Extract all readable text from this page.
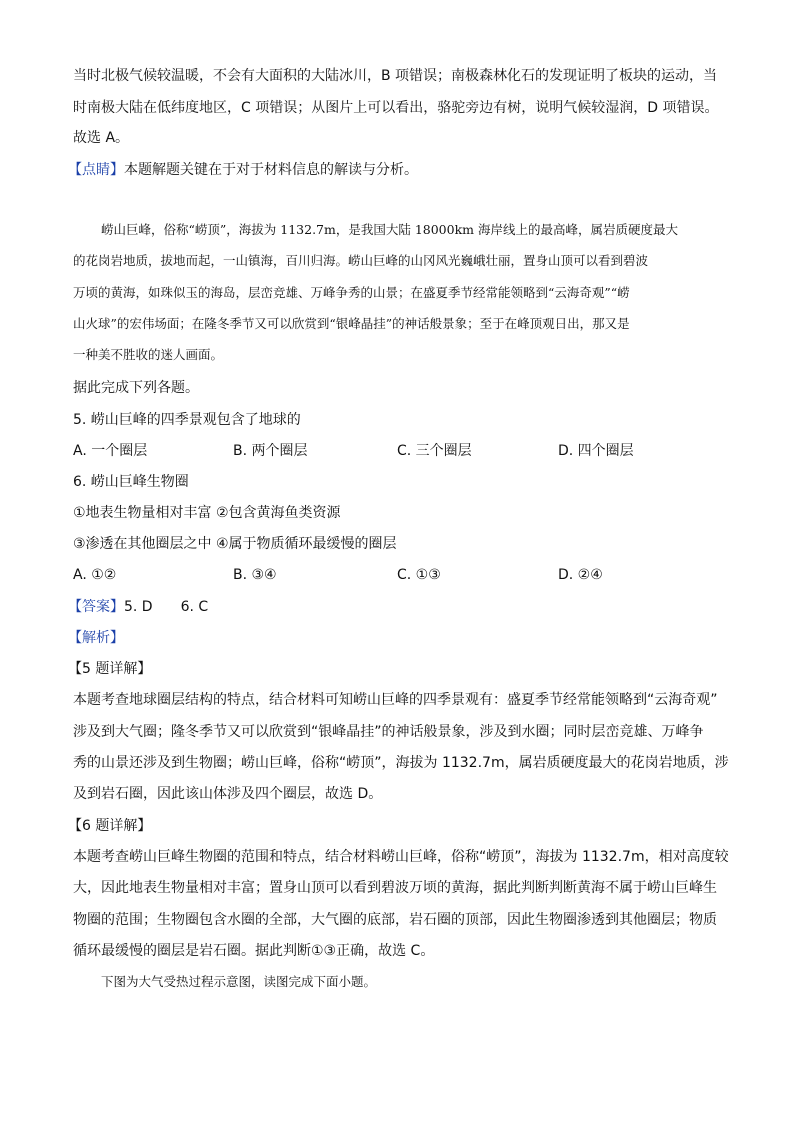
当时北极气候较温暖，不会有大面积的大陆冰川，B 项错误；南极森林化石的发现证明了板块的运动，当
时南极大陆在低纬度地区，C 项错误；从图片上可以看出，骆驼旁边有树，说明气候较湿润，D 项错误。
故选 A。
【点睛】本题解题关键在于对于材料信息的解读与分析。
崂山巨峰，俗称“崂顶”，海拔为 1132.7m，是我国大陆 18000km 海岸线上的最高峰，属岩质硬度最大
的花岗岩地质，拔地而起，一山镇海，百川归海。崂山巨峰的山冈风光巍峨壮丽，置身山顶可以看到碧波
万顷的黄海，如珠似玉的海岛，层峦竞雄、万峰争秀的山景；在盛夏季节经常能领略到“云海奇观”“崂
山火球”的宏伟场面；在隆冬季节又可以欣赏到“银峰晶挂”的神话般景象；至于在峰顶观日出，那又是
一种美不胜收的迷人画面。
据此完成下列各题。
5. 崂山巨峰的四季景观包含了地球的
A. 一个圈层	B. 两个圈层	C. 三个圈层	D. 四个圈层
6. 崂山巨峰生物圈
①地表生物量相对丰富 ②包含黄海鱼类资源
③渗透在其他圈层之中 ④属于物质循环最缓慢的圈层
A. ①②	B. ③④	C. ①③	D. ②④
【答案】5. D　　6. C
【解析】
【5 题详解】
本题考查地球圈层结构的特点，结合材料可知崂山巨峰的四季景观有：盛夏季节经常能领略到“云海奇观”
涉及到大气圈；隆冬季节又可以欣赏到“银峰晶挂”的神话般景象，涉及到水圈；同时层峦竞雄、万峰争
秀的山景还涉及到生物圈；崂山巨峰，俗称“崂顶”，海拔为 1132.7m，属岩质硬度最大的花岗岩地质，涉
及到岩石圈，因此该山体涉及四个圈层，故选 D。
【6 题详解】
本题考查崂山巨峰生物圈的范围和特点，结合材料崂山巨峰，俗称“崂顶”，海拔为 1132.7m，相对高度较
大，因此地表生物量相对丰富；置身山顶可以看到碧波万顷的黄海，据此判断判断黄海不属于崂山巨峰生
物圈的范围；生物圈包含水圈的全部，大气圈的底部，岩石圈的顶部，因此生物圈渗透到其他圈层；物质
循环最缓慢的圈层是岩石圈。据此判断①③正确，故选 C。
下图为大气受热过程示意图，读图完成下面小题。
